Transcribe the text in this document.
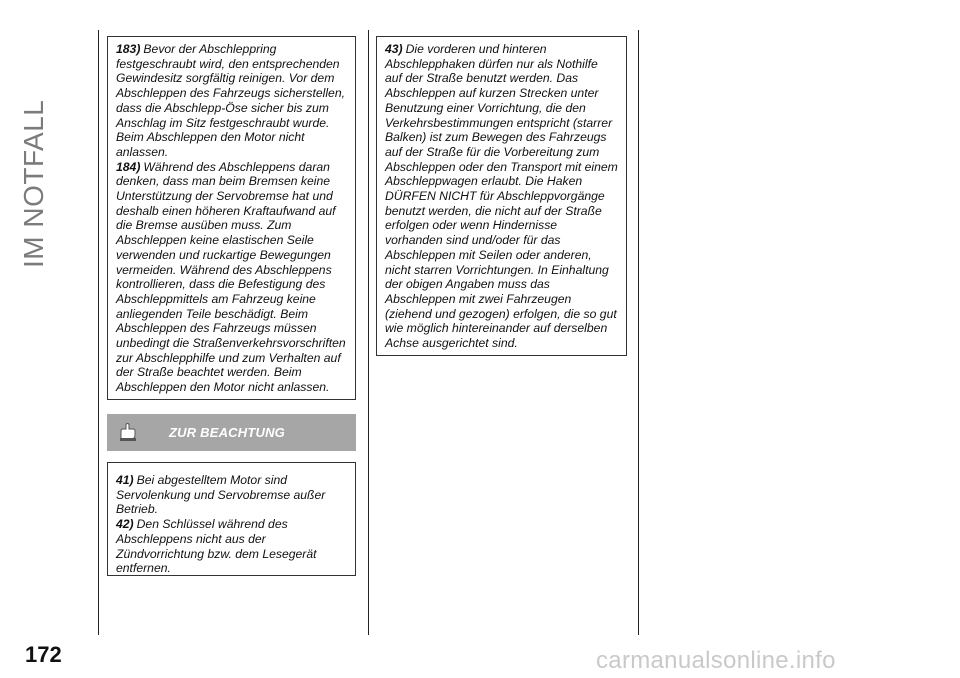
IM NOTFALL

183) Bevor der Abschleppring festgeschraubt wird, den entsprechenden Gewindesitz sorgfältig reinigen. Vor dem Abschleppen des Fahrzeugs sicherstellen, dass die Abschlepp-Öse sicher bis zum Anschlag im Sitz festgeschraubt wurde. Beim Abschleppen den Motor nicht anlassen.

184) Während des Abschleppens daran denken, dass man beim Bremsen keine Unterstützung der Servobremse hat und deshalb einen höheren Kraftaufwand auf die Bremse ausüben muss. Zum Abschleppen keine elastischen Seile verwenden und ruckartige Bewegungen vermeiden. Während des Abschleppens kontrollieren, dass die Befestigung des Abschleppmittels am Fahrzeug keine anliegenden Teile beschädigt. Beim Abschleppen des Fahrzeugs müssen unbedingt die Straßenverkehrsvorschriften zur Abschlepphilfe und zum Verhalten auf der Straße beachtet werden. Beim Abschleppen den Motor nicht anlassen.

ZUR BEACHTUNG

41) Bei abgestelltem Motor sind Servolenkung und Servobremse außer Betrieb.

42) Den Schlüssel während des Abschleppens nicht aus der Zündvorrichtung bzw. dem Lesegerät entfernen.

43) Die vorderen und hinteren Abschlepphaken dürfen nur als Nothilfe auf der Straße benutzt werden. Das Abschleppen auf kurzen Strecken unter Benutzung einer Vorrichtung, die den Verkehrsbestimmungen entspricht (starrer Balken) ist zum Bewegen des Fahrzeugs auf der Straße für die Vorbereitung zum Abschleppen oder den Transport mit einem Abschleppwagen erlaubt. Die Haken DÜRFEN NICHT für Abschleppvorgänge benutzt werden, die nicht auf der Straße erfolgen oder wenn Hindernisse vorhanden sind und/oder für das Abschleppen mit Seilen oder anderen, nicht starren Vorrichtungen. In Einhaltung der obigen Angaben muss das Abschleppen mit zwei Fahrzeugen (ziehend und gezogen) erfolgen, die so gut wie möglich hintereinander auf derselben Achse ausgerichtet sind.

172	carmanualsonline.info
